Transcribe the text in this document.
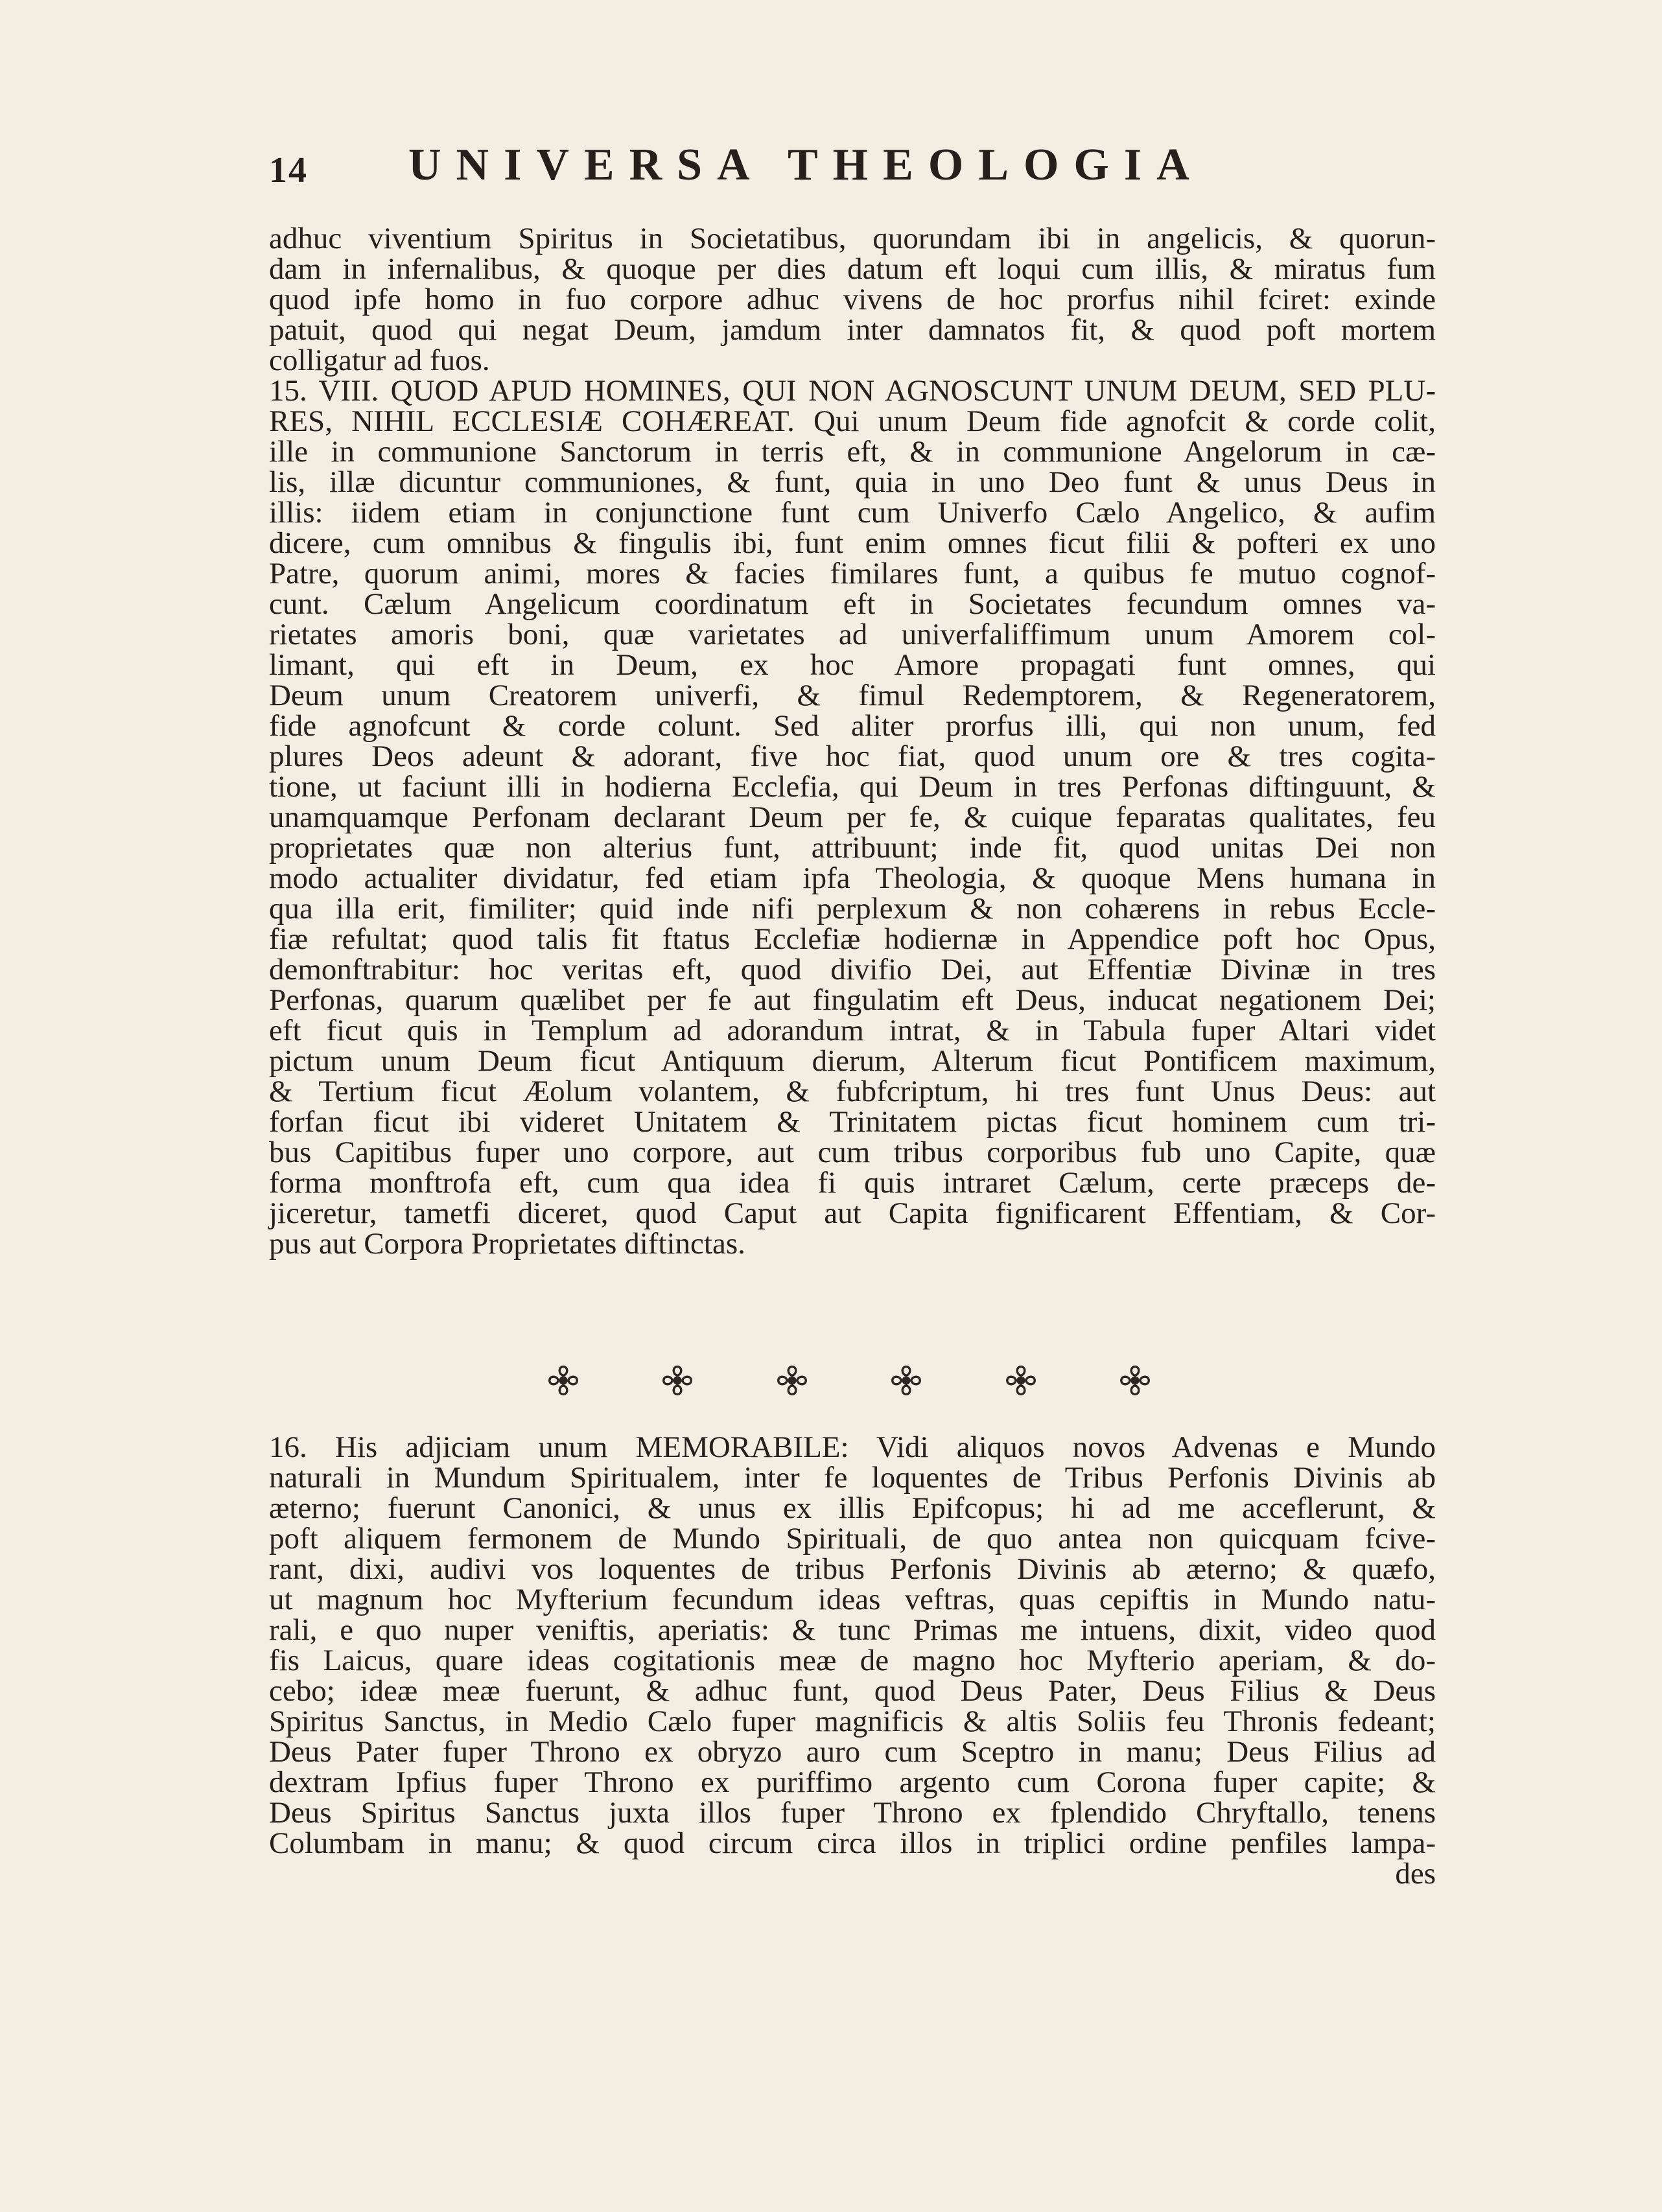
14 UNIVERSA THEOLOGIA
adhuc viventium Spiritus in Societatibus, quorundam ibi in angelicis, & quorun-
dam in infernalibus, & quoque per dies datum eft loqui cum illis, & miratus fum
quod ipfe homo in fuo corpore adhuc vivens de hoc prorfus nihil fciret: exinde
patuit, quod qui negat Deum, jamdum inter damnatos fit, & quod poft mortem
colligatur ad fuos.
15. VIII. QUOD APUD HOMINES, QUI NON AGNOSCUNT UNUM DEUM, SED PLU-
RES, NIHIL ECCLESIÆ COHÆREAT. Qui unum Deum fide agnofcit & corde colit,
ille in communione Sanctorum in terris eft, & in communione Angelorum in cæ-
lis, illæ dicuntur communiones, & funt, quia in uno Deo funt & unus Deus in
illis: iidem etiam in conjunctione funt cum Univerfo Cælo Angelico, & aufim
dicere, cum omnibus & fingulis ibi, funt enim omnes ficut filii & pofteri ex uno
Patre, quorum animi, mores & facies fimilares funt, a quibus fe mutuo cognof-
cunt. Cælum Angelicum coordinatum eft in Societates fecundum omnes va-
rietates amoris boni, quæ varietates ad univerfaliffimum unum Amorem col-
limant, qui eft in Deum, ex hoc Amore propagati funt omnes, qui
Deum unum Creatorem univerfi, & fimul Redemptorem, & Regeneratorem,
fide agnofcunt & corde colunt. Sed aliter prorfus illi, qui non unum, fed
plures Deos adeunt & adorant, five hoc fiat, quod unum ore & tres cogita-
tione, ut faciunt illi in hodierna Ecclefia, qui Deum in tres Perfonas diftinguunt, &
unamquamque Perfonam declarant Deum per fe, & cuique feparatas qualitates, feu
proprietates quæ non alterius funt, attribuunt; inde fit, quod unitas Dei non
modo actualiter dividatur, fed etiam ipfa Theologia, & quoque Mens humana in
qua illa erit, fimiliter; quid inde nifi perplexum & non cohærens in rebus Eccle-
fiæ refultat; quod talis fit ftatus Ecclefiæ hodiernæ in Appendice poft hoc Opus,
demonftrabitur: hoc veritas eft, quod divifio Dei, aut Effentiæ Divinæ in tres
Perfonas, quarum quælibet per fe aut fingulatim eft Deus, inducat negationem Dei;
eft ficut quis in Templum ad adorandum intrat, & in Tabula fuper Altari videt
pictum unum Deum ficut Antiquum dierum, Alterum ficut Pontificem maximum,
& Tertium ficut Æolum volantem, & fubfcriptum, hi tres funt Unus Deus: aut
forfan ficut ibi videret Unitatem & Trinitatem pictas ficut hominem cum tri-
bus Capitibus fuper uno corpore, aut cum tribus corporibus fub uno Capite, quæ
forma monftrofa eft, cum qua idea fi quis intraret Cælum, certe præceps de-
jiceretur, tametfi diceret, quod Caput aut Capita fignificarent Effentiam, & Cor-
pus aut Corpora Proprietates diftinctas.
16. His adjiciam unum MEMORABILE: Vidi aliquos novos Advenas e Mundo
naturali in Mundum Spiritualem, inter fe loquentes de Tribus Perfonis Divinis ab
æterno; fuerunt Canonici, & unus ex illis Epifcopus; hi ad me acceflerunt, &
poft aliquem fermonem de Mundo Spirituali, de quo antea non quicquam fcive-
rant, dixi, audivi vos loquentes de tribus Perfonis Divinis ab æterno; & quæfo,
ut magnum hoc Myfterium fecundum ideas veftras, quas cepiftis in Mundo natu-
rali, e quo nuper veniftis, aperiatis: & tunc Primas me intuens, dixit, video quod
fis Laicus, quare ideas cogitationis meæ de magno hoc Myfterio aperiam, & do-
cebo; ideæ meæ fuerunt, & adhuc funt, quod Deus Pater, Deus Filius & Deus
Spiritus Sanctus, in Medio Cælo fuper magnificis & altis Soliis feu Thronis fedeant;
Deus Pater fuper Throno ex obryzo auro cum Sceptro in manu; Deus Filius ad
dextram Ipfius fuper Throno ex puriffimo argento cum Corona fuper capite; &
Deus Spiritus Sanctus juxta illos fuper Throno ex fplendido Chryftallo, tenens
Columbam in manu; & quod circum circa illos in triplici ordine penfiles lampa-
des
